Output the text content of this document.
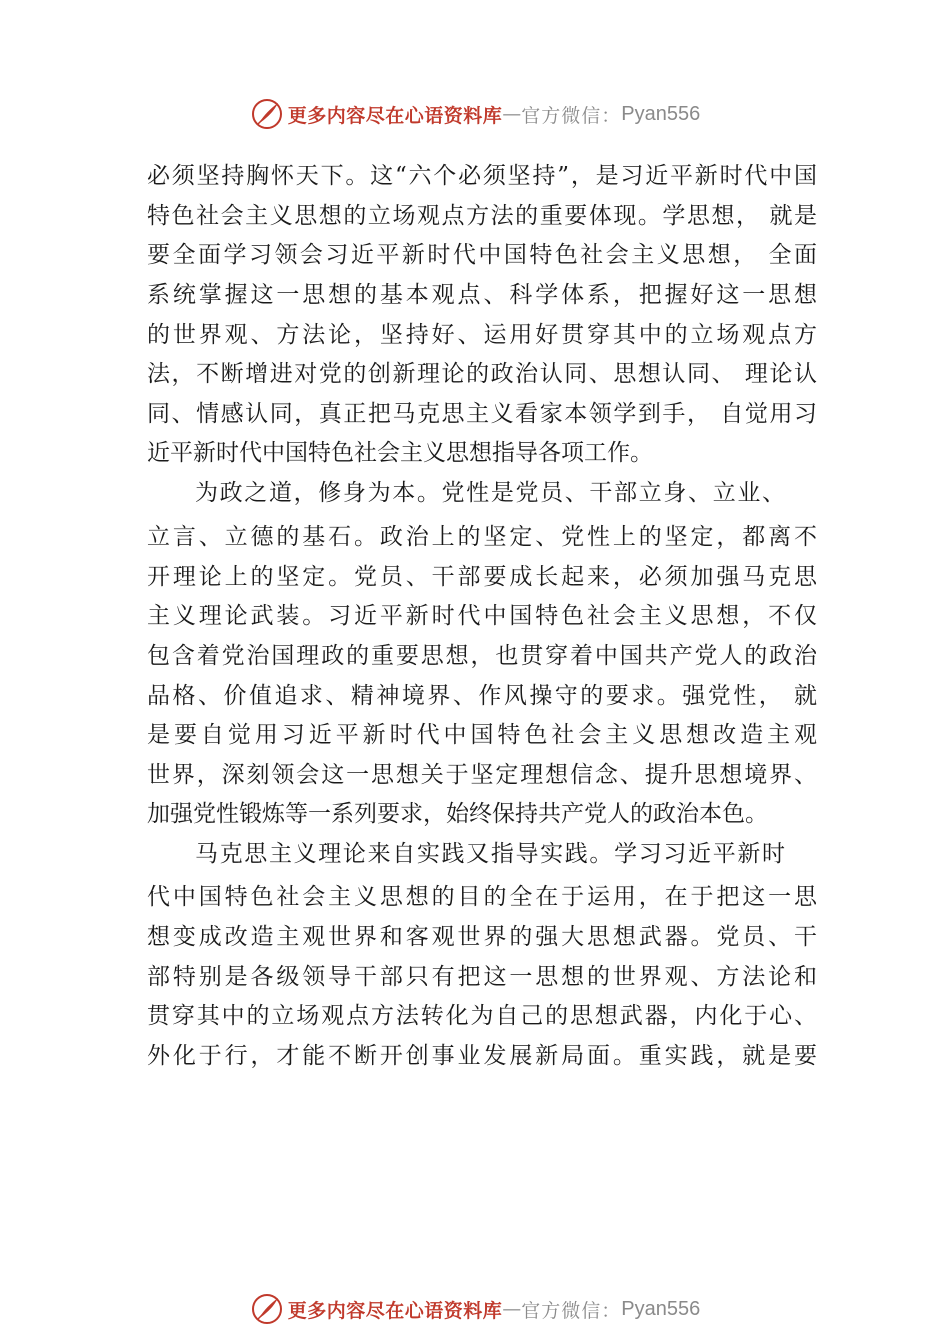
更多内容尽在心语资料库 — 官方微信： Pyan556
必须坚持胸怀天下。这“六个必须坚持”，是习近平新时代中国
特色社会主义思想的立场观点方法的重要体现。学思想， 就是
要全面学习领会习近平新时代中国特色社会主义思想， 全面
系统掌握这一思想的基本观点、科学体系，把握好这一思想
的世界观、方法论，坚持好、运用好贯穿其中的立场观点方
法，不断增进对党的创新理论的政治认同、思想认同、 理论认
同、情感认同，真正把马克思主义看家本领学到手， 自觉用习
近平新时代中国特色社会主义思想指导各项工作。
为政之道，修身为本。党性是党员、干部立身、立业、
立言、立德的基石。政治上的坚定、党性上的坚定，都离不
开理论上的坚定。党员、干部要成长起来，必须加强马克思
主义理论武装。习近平新时代中国特色社会主义思想，不仅
包含着党治国理政的重要思想，也贯穿着中国共产党人的政治
品格、价值追求、精神境界、作风操守的要求。强党性， 就
是要自觉用习近平新时代中国特色社会主义思想改造主观
世界，深刻领会这一思想关于坚定理想信念、提升思想境界、
加强党性锻炼等一系列要求，始终保持共产党人的政治本色。
马克思主义理论来自实践又指导实践。学习习近平新时
代中国特色社会主义思想的目的全在于运用，在于把这一思
想变成改造主观世界和客观世界的强大思想武器。党员、干
部特别是各级领导干部只有把这一思想的世界观、方法论和
贯穿其中的立场观点方法转化为自己的思想武器，内化于心、
外化于行，才能不断开创事业发展新局面。重实践，就是要
更多内容尽在心语资料库 — 官方微信： Pyan556
